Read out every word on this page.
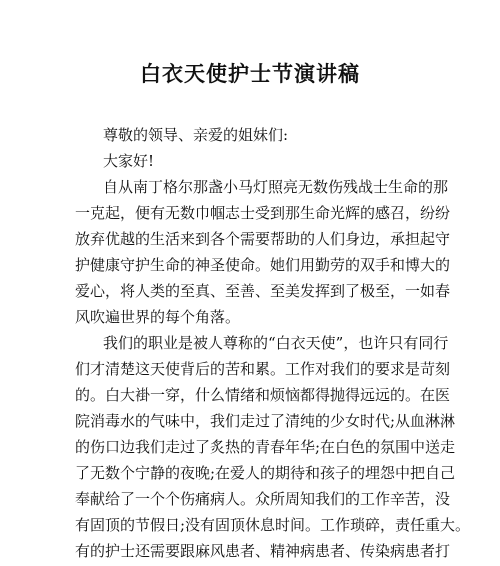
白衣天使护士节演讲稿
尊敬的领导、亲爱的姐妹们:
大家好!
自从南丁格尔那盏小马灯照亮无数伤残战士生命的那
一克起，便有无数巾帼志士受到那生命光辉的感召，纷纷
放弃优越的生活来到各个需要帮助的人们身边，承担起守
护健康守护生命的神圣使命。她们用勤劳的双手和博大的
爱心，将人类的至真、至善、至美发挥到了极至，一如春
风吹遍世界的每个角落。
我们的职业是被人尊称的“白衣天使”，也许只有同行
们才清楚这天使背后的苦和累。工作对我们的要求是苛刻
的。白大褂一穿，什么情绪和烦恼都得抛得远远的。在医
院消毒水的气味中，我们走过了清纯的少女时代;从血淋淋
的伤口边我们走过了炙热的青春年华;在白色的氛围中送走
了无数个宁静的夜晚;在爱人的期待和孩子的埋怨中把自己
奉献给了一个个伤痛病人。众所周知我们的工作辛苦，没
有固顶的节假日;没有固顶休息时间。工作琐碎，责任重大。
有的护士还需要跟麻风患者、精神病患者、传染病患者打
